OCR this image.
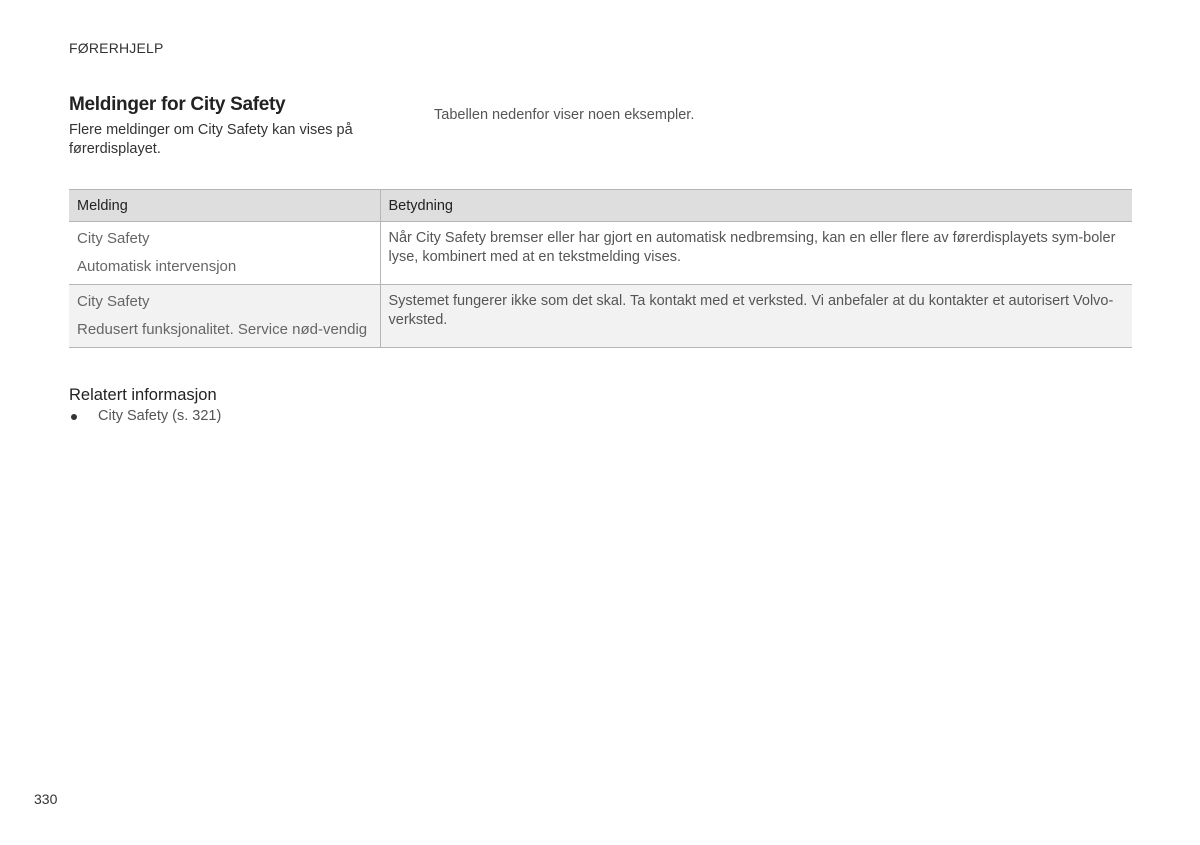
FØRERHJELP
Meldinger for City Safety

Flere meldinger om City Safety kan vises på førerdisplayet.

Tabellen nedenfor viser noen eksempler.

Melding	Betydning

City Safety
Automatisk intervensjon	Når City Safety bremser eller har gjort en automatisk nedbremsing, kan en eller flere av førerdisplayets sym-boler lyse, kombinert med at en tekstmelding vises.

City Safety
Redusert funksjonalitet. Service nød-vendig	Systemet fungerer ikke som det skal. Ta kontakt med et verksted. Vi anbefaler at du kontakter et autorisert Volvo-verksted.
Relatert informasjon
City Safety (s. 321)
330
